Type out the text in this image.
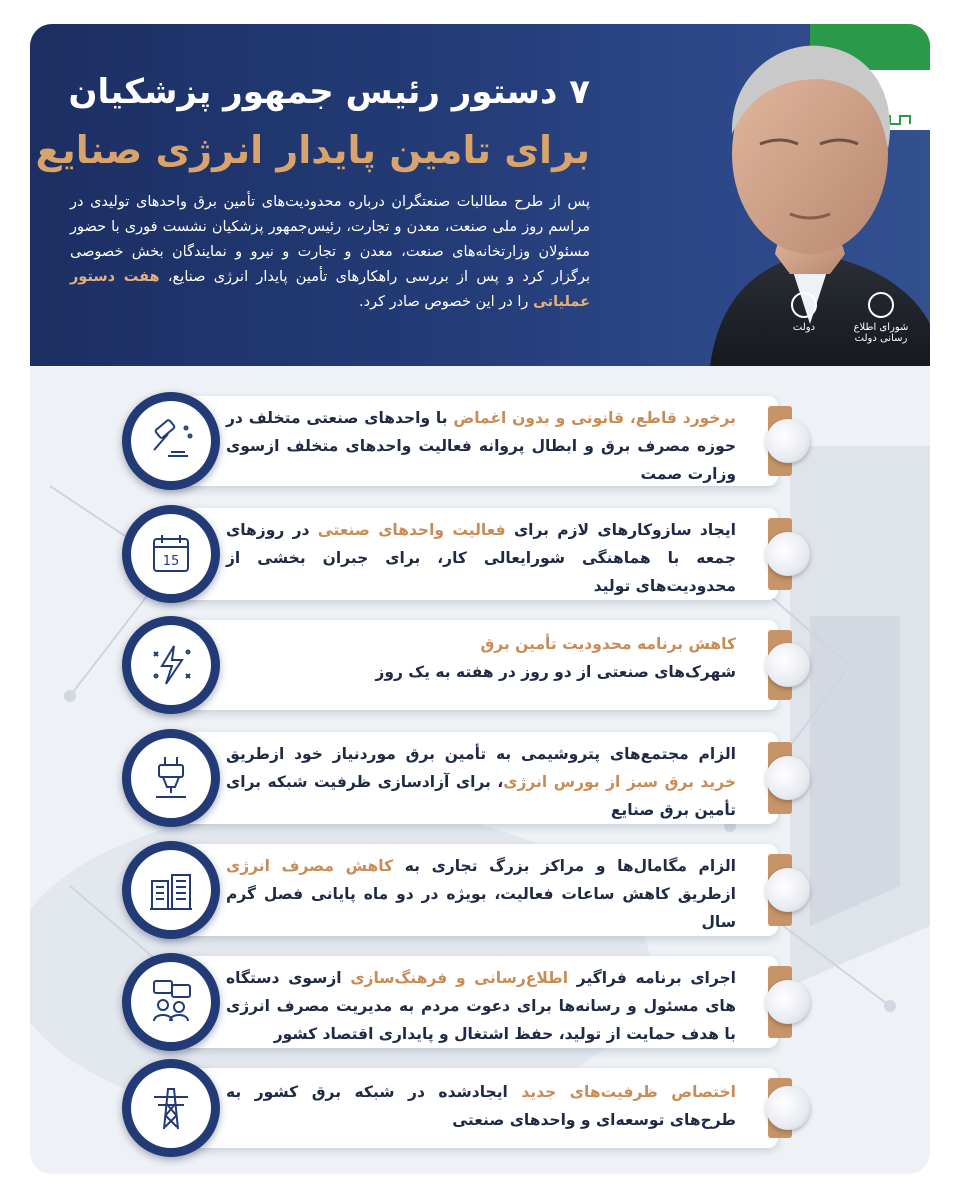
۷ دستور رئیس جمهور پزشکیان
برای تامین پایدار انرژی صنایع
پس از طرح مطالبات صنعتگران درباره محدودیت‌های تأمین برق واحدهای تولیدی در مراسم روز ملی صنعت، معدن و تجارت، رئیس‌جمهور پزشکیان نشست فوری با حضور مسئولان وزارتخانه‌های صنعت، معدن و تجارت و نیرو و نمایندگان بخش خصوصی برگزار کرد و پس از بررسی راهکارهای تأمین پایدار انرژی صنایع، هفت دستور عملیاتی را در این خصوص صادر کرد.
شورای اطلاع رسانی دولت
دولت
برخورد قاطع، قانونی و بدون اغماض با واحدهای صنعتی متخلف در حوزه مصرف برق و ابطال پروانه فعالیت واحدهای متخلف ازسوی وزارت صمت
ایجاد سازوکارهای لازم برای فعالیت واحدهای صنعتی در روزهای جمعه با هماهنگی شورایعالی کار، برای جبران بخشی از محدودیت‌های تولید
15
کاهش برنامه محدودیت تأمین برق
شهرک‌های صنعتی از دو روز در هفته به یک روز
الزام مجتمع‌های پتروشیمی به تأمین برق موردنیاز خود ازطریق خرید برق سبز از بورس انرژی، برای آزادسازی ظرفیت شبکه برای تأمین برق صنایع
الزام مگامال‌ها و مراکز بزرگ تجاری به کاهش مصرف انرژی ازطریق کاهش ساعات فعالیت، بویژه در دو ماه پایانی فصل گرم سال
اجرای برنامه فراگیر اطلاع‌رسانی و فرهنگ‌سازی ازسوی دستگاه های مسئول و رسانه‌ها برای دعوت مردم به مدیریت مصرف انرژی با هدف حمایت از تولید، حفظ اشتغال و پایداری اقتصاد کشور
اختصاص ظرفیت‌های جدید ایجادشده در شبکه برق کشور به طرح‌های توسعه‌ای و واحدهای صنعتی
